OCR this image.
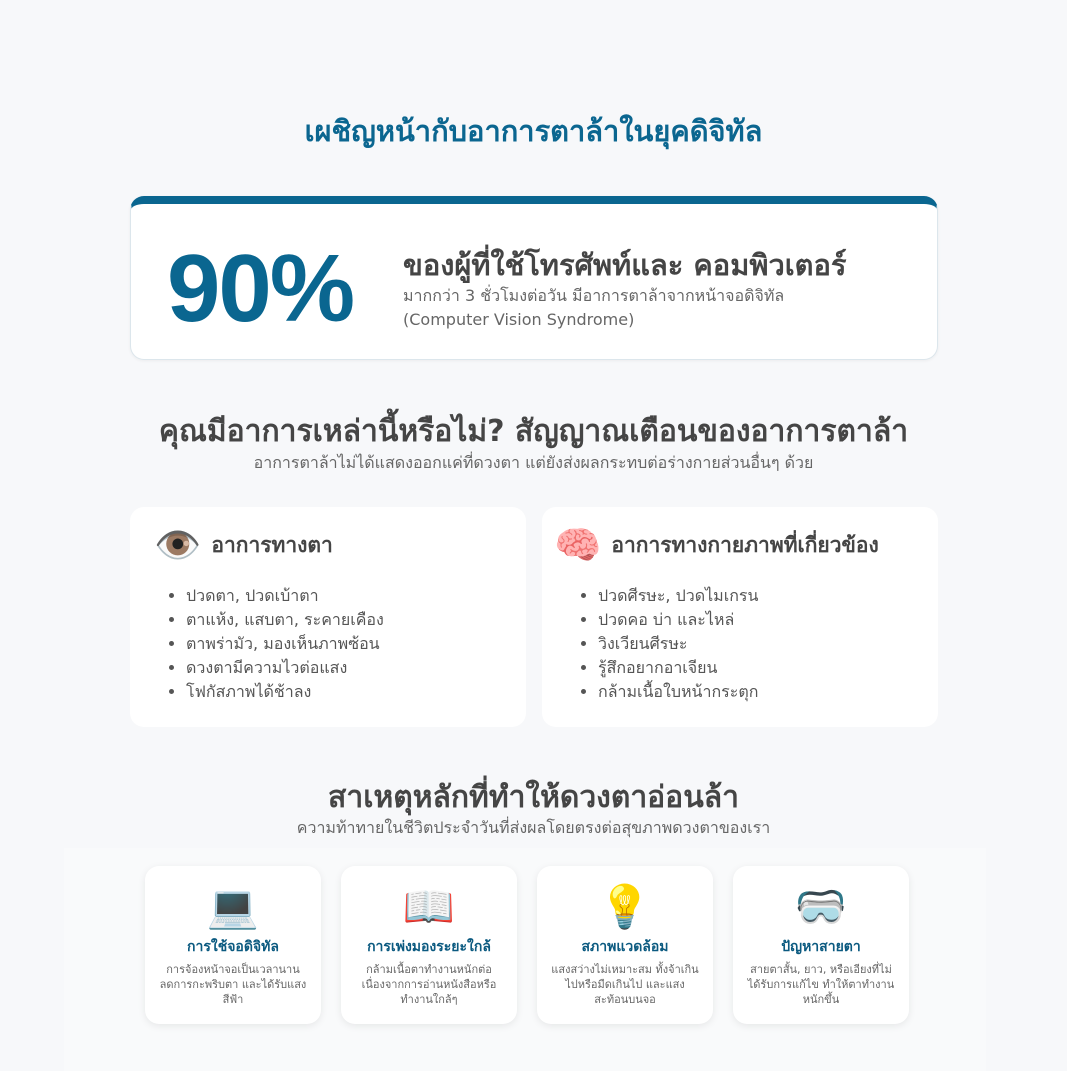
เผชิญหน้ากับอาการตาล้าในยุคดิจิทัล
90% ของผู้ที่ใช้โทรศัพท์และ คอมพิวเตอร์
มากกว่า 3 ชั่วโมงต่อวัน มีอาการตาล้าจากหน้าจอดิจิทัล
(Computer Vision Syndrome)
คุณมีอาการเหล่านี้หรือไม่? สัญญาณเตือนของอาการตาล้า

อาการตาล้าไม่ได้แสดงออกแค่ที่ดวงตา แต่ยังส่งผลกระทบต่อร่างกายส่วนอื่นๆ ด้วย

👁️ อาการทางตา
• ปวดตา, ปวดเบ้าตา
• ตาแห้ง, แสบตา, ระคายเคือง
• ตาพร่ามัว, มองเห็นภาพซ้อน
• ดวงตามีความไวต่อแสง
• โฟกัสภาพได้ช้าลง
🧠 อาการทางกายภาพที่เกี่ยวข้อง
• ปวดศีรษะ, ปวดไมเกรน
• ปวดคอ บ่า และไหล่
• วิงเวียนศีรษะ
• รู้สึกอยากอาเจียน
• กล้ามเนื้อใบหน้ากระตุก
สาเหตุหลักที่ทำให้ดวงตาอ่อนล้า

ความท้าทายในชีวิตประจำวันที่ส่งผลโดยตรงต่อสุขภาพดวงตาของเรา

💻
การใช้จอดิจิทัล
การจ้องหน้าจอเป็นเวลานาน ลดการกะพริบตา และได้รับแสงสีฟ้า
📖
การเพ่งมองระยะใกล้
กล้ามเนื้อตาทำงานหนักต่อเนื่องจากการอ่านหนังสือหรือทำงานใกล้ๆ
💡
สภาพแวดล้อม
แสงสว่างไม่เหมาะสม ทั้งจ้าเกินไปหรือมืดเกินไป และแสงสะท้อนบนจอ
🥽
ปัญหาสายตา
สายตาสั้น, ยาว, หรือเอียงที่ไม่ได้รับการแก้ไข ทำให้ตาทำงานหนักขึ้น
